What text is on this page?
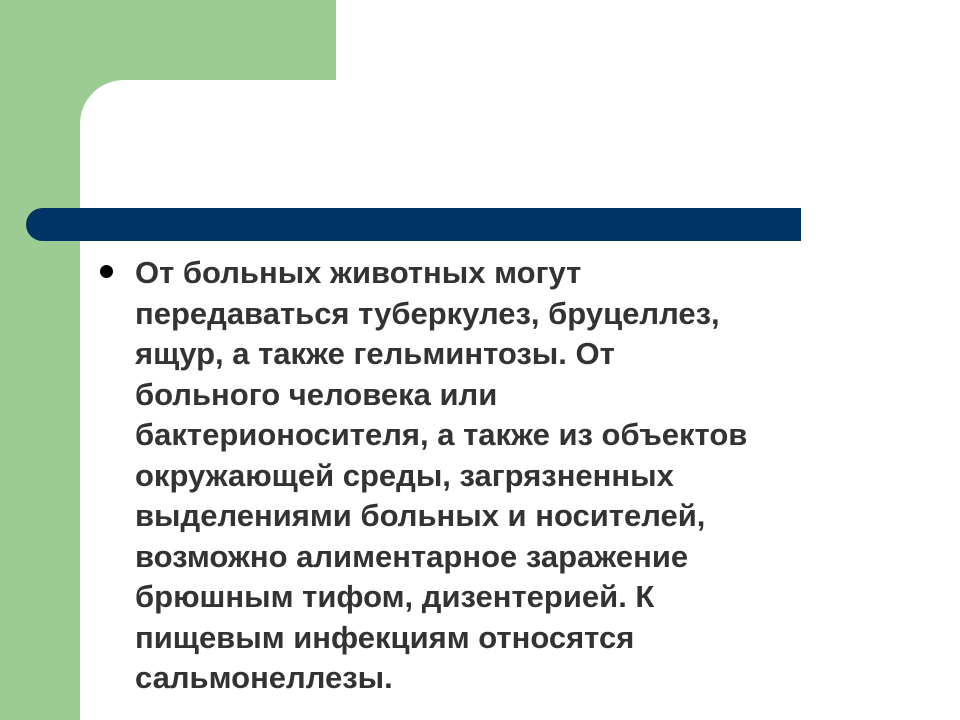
От больных животных могут
передаваться туберкулез, бруцеллез,
ящур, а также гельминтозы. От
больного человека или
бактерионосителя, а также из объектов
окружающей среды, загрязненных
выделениями больных и носителей,
возможно алиментарное заражение
брюшным тифом, дизентерией. К
пищевым инфекциям относятся
сальмонеллезы.
